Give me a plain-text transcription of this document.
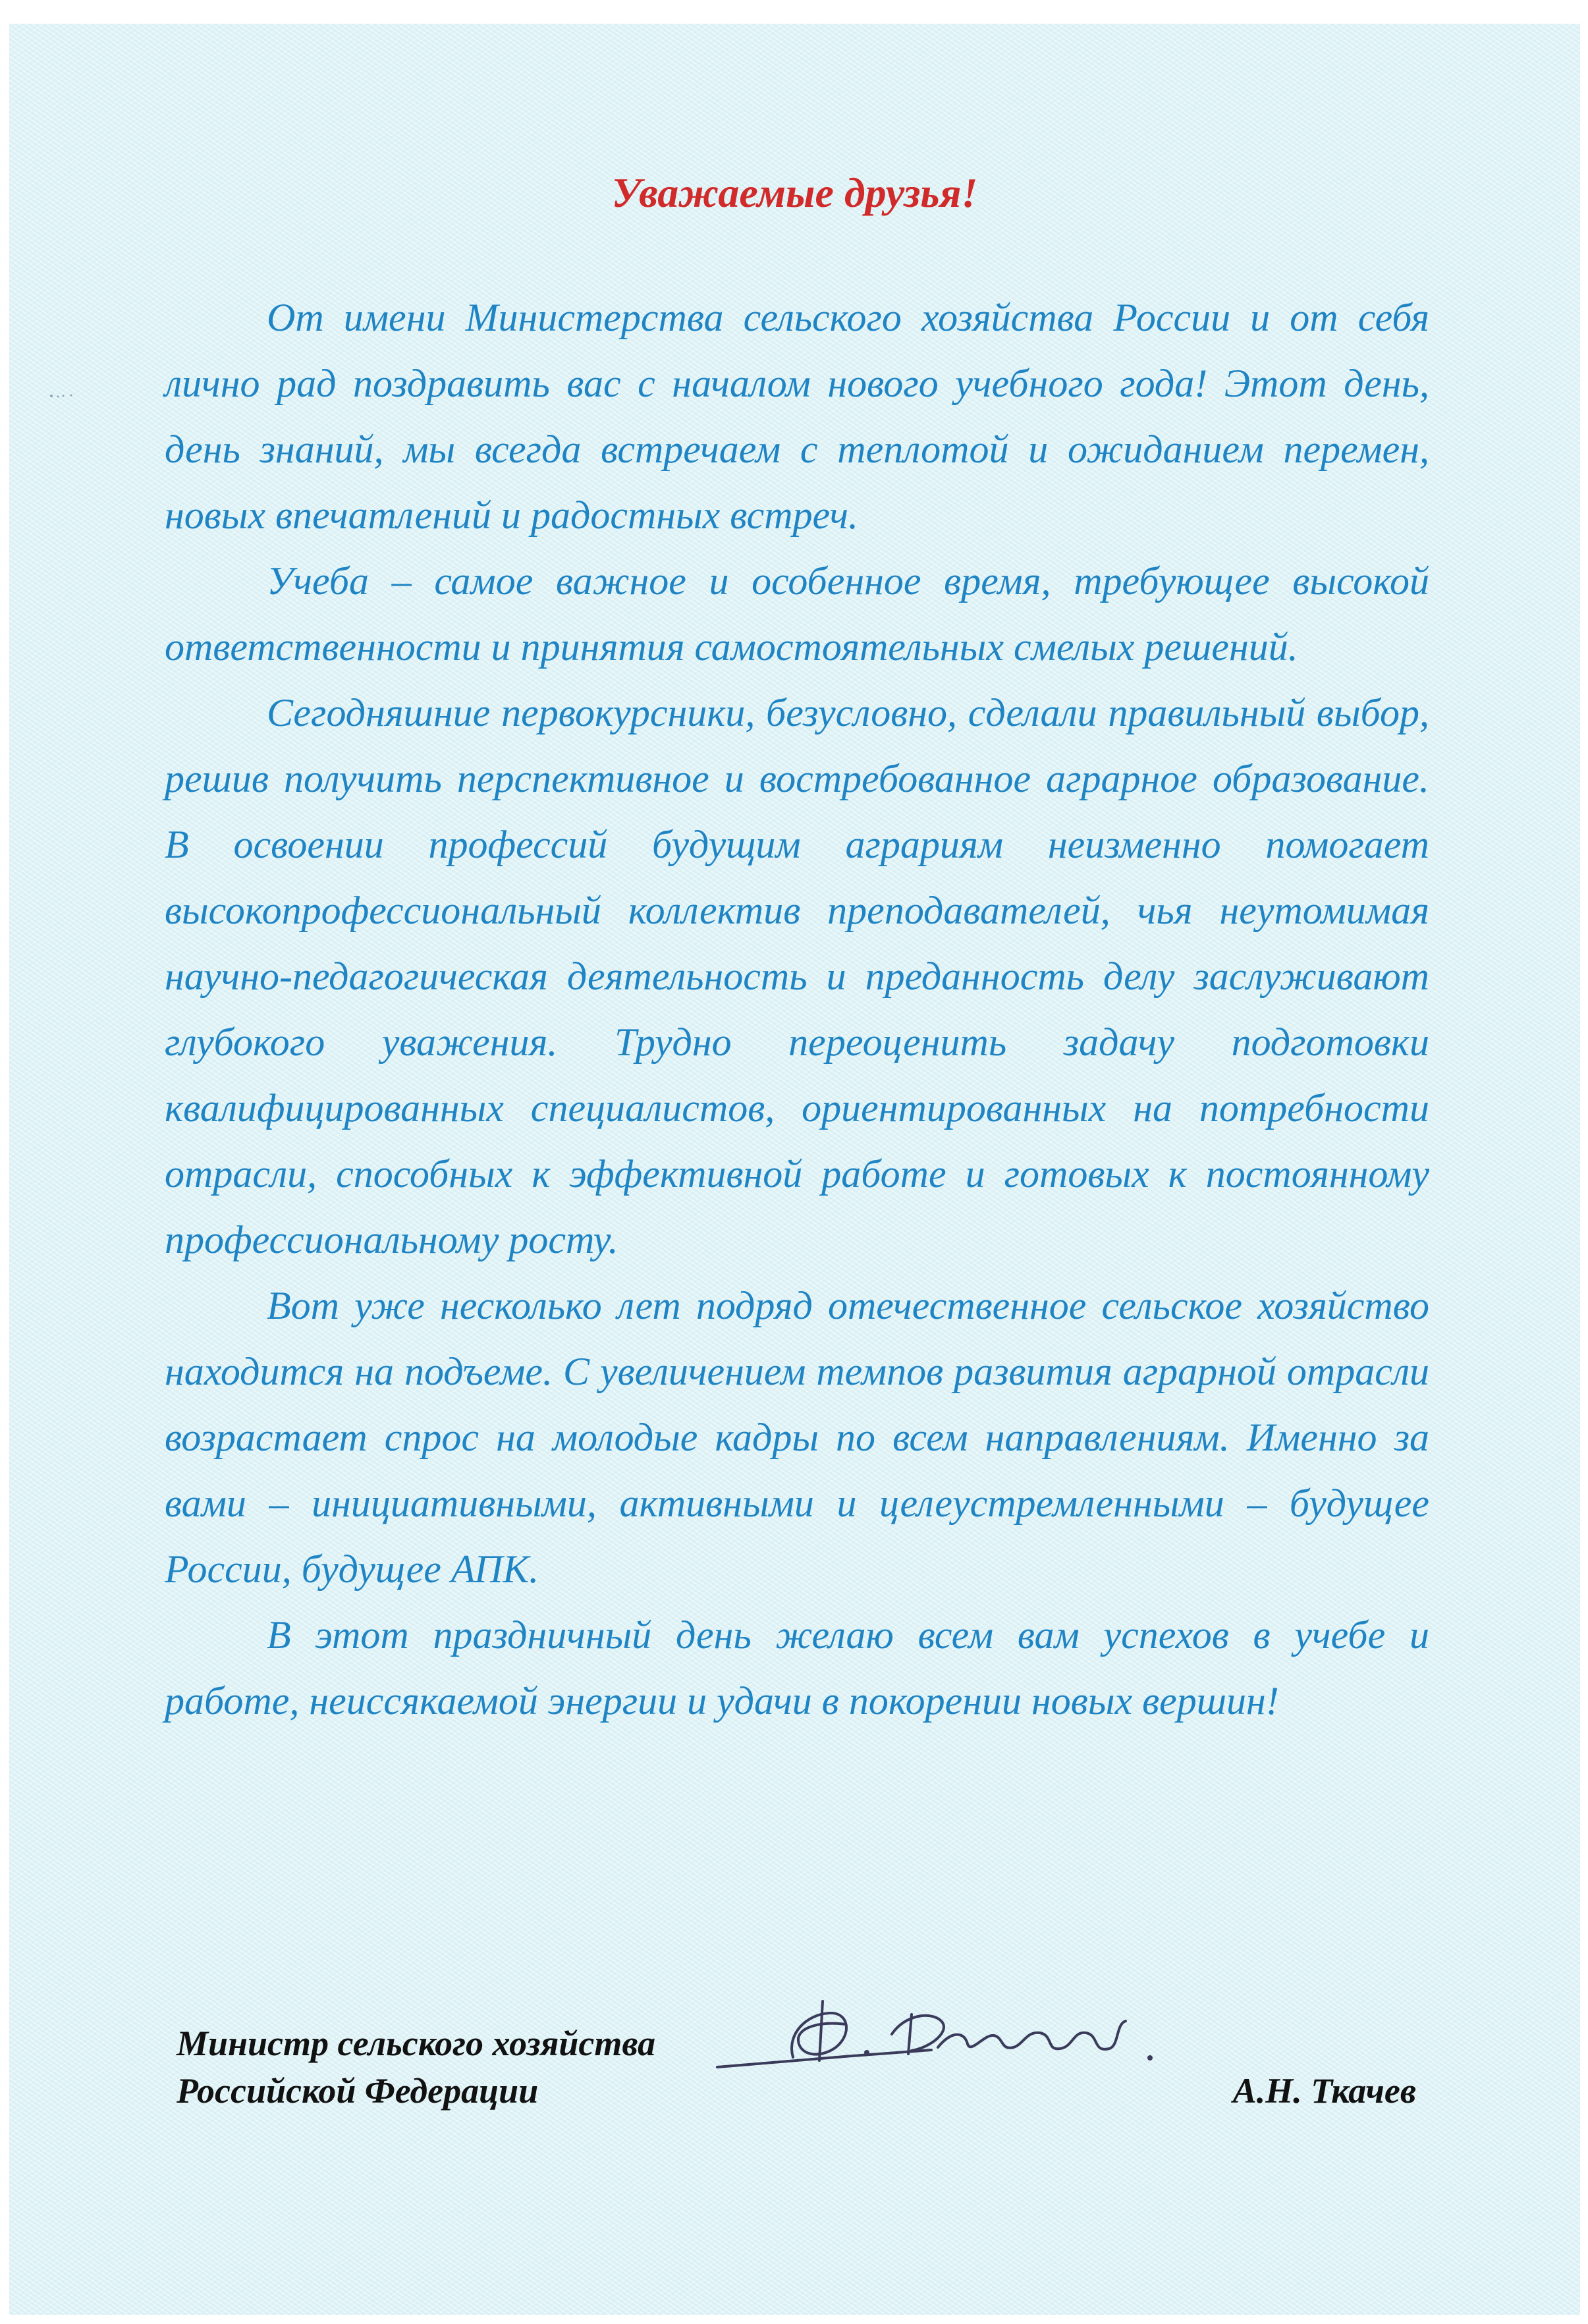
Уважаемые друзья!

От имени Министерства сельского хозяйства России и от себя лично рад поздравить вас с началом нового учебного года! Этот день, день знаний, мы всегда встречаем с теплотой и ожиданием перемен, новых впечатлений и радостных встреч.

Учеба – самое важное и особенное время, требующее высокой ответственности и принятия самостоятельных смелых решений.

Сегодняшние первокурсники, безусловно, сделали правильный выбор, решив получить перспективное и востребованное аграрное образование. В освоении профессий будущим аграриям неизменно помогает высокопрофессиональный коллектив преподавателей, чья неутомимая научно-педагогическая деятельность и преданность делу заслуживают глубокого уважения. Трудно переоценить задачу подготовки квалифицированных специалистов, ориентированных на потребности отрасли, способных к эффективной работе и готовых к постоянному профессиональному росту.

Вот уже несколько лет подряд отечественное сельское хозяйство находится на подъеме. С увеличением темпов развития аграрной отрасли возрастает спрос на молодые кадры по всем направлениям. Именно за вами – инициативными, активными и целеустремленными – будущее России, будущее АПК.

В этот праздничный день желаю всем вам успехов в учебе и работе, неиссякаемой энергии и удачи в покорении новых вершин!

Министр сельского хозяйства
Российской Федерации	А.Н. Ткачев
